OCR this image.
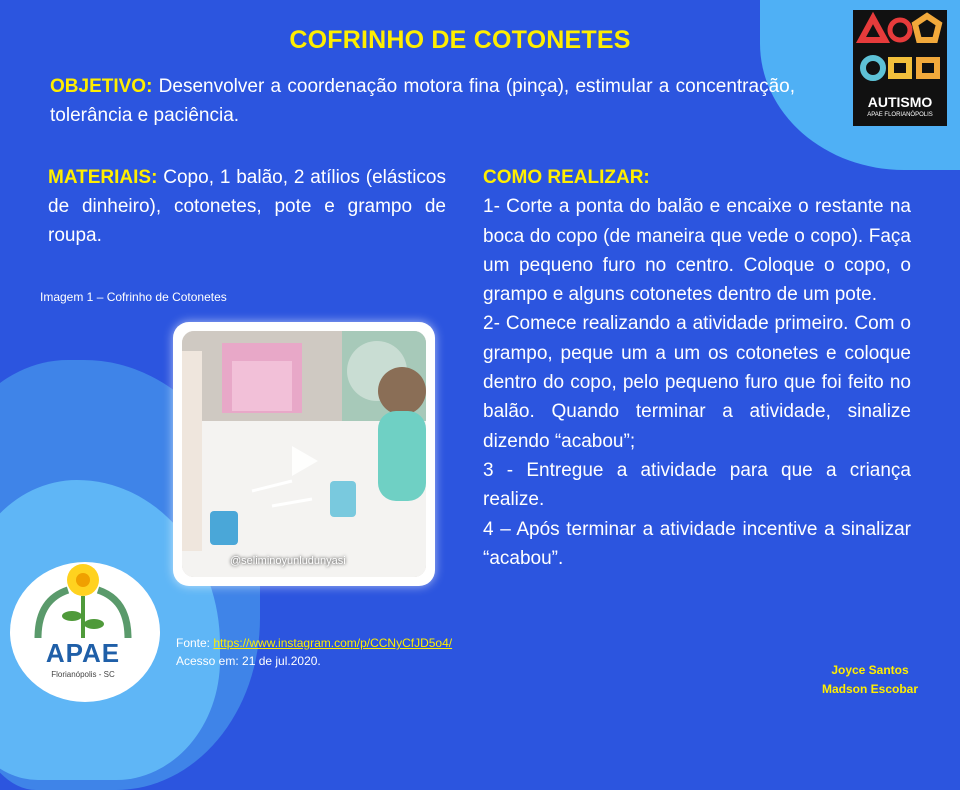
COFRINHO DE COTONETES
OBJETIVO: Desenvolver a coordenação motora fina (pinça), estimular a concentração, tolerância e paciência.
MATERIAIS: Copo, 1 balão, 2 atílios (elásticos de dinheiro), cotonetes, pote e grampo de roupa.
Imagem 1 – Cofrinho de Cotonetes
@seliminoyunludunyasi

COMO REALIZAR:

1- Corte a ponta do balão e encaixe o restante na boca do copo (de maneira que vede o copo). Faça um pequeno furo no centro. Coloque o copo, o grampo e alguns cotonetes dentro de um pote.

2- Comece realizando a atividade primeiro. Com o grampo, peque um a um os cotonetes e coloque dentro do copo, pelo pequeno furo que foi feito no balão. Quando terminar a atividade, sinalize dizendo “acabou”;

3 - Entregue a atividade para que a criança realize.

4 – Após terminar a atividade incentive a sinalizar “acabou”.

Fonte: https://www.instagram.com/p/CCNyCfJD5o4/
Acesso em: 21 de jul.2020.
Joyce Santos
Madson Escobar
AUTISMO
APAE FLORIANÓPOLIS
APAE
Florianópolis - SC
